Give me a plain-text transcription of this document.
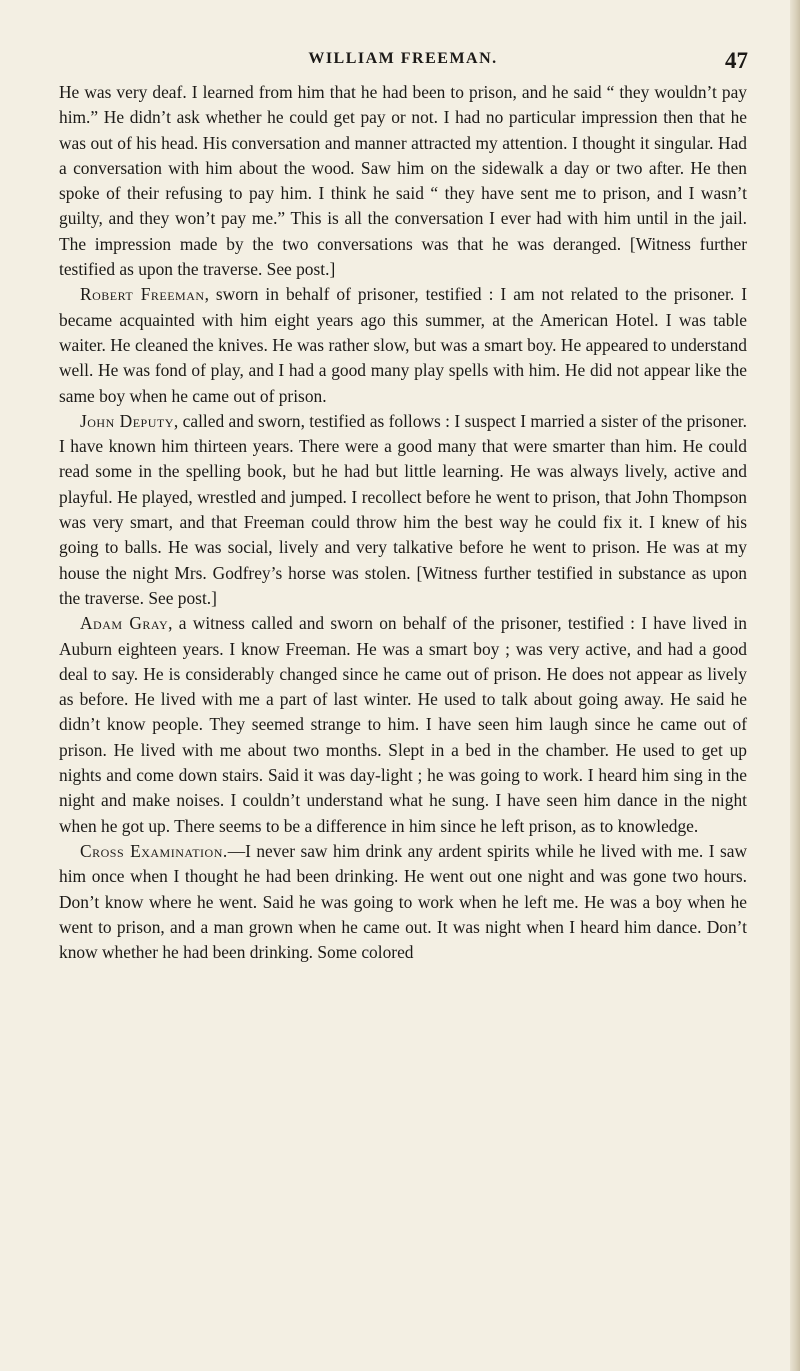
WILLIAM FREEMAN.	47

He was very deaf. I learned from him that he had been to prison, and he said “ they wouldn’t pay him.” He didn’t ask whether he could get pay or not. I had no particular impression then that he was out of his head. His conversation and manner attracted my attention. I thought it singular. Had a conversation with him about the wood. Saw him on the sidewalk a day or two after. He then spoke of their refusing to pay him. I think he said “ they have sent me to prison, and I wasn’t guilty, and they won’t pay me.” This is all the conversation I ever had with him until in the jail. The impression made by the two conversations was that he was deranged. [Witness further testified as upon the traverse. See post.]

Robert Freeman, sworn in behalf of prisoner, testified : I am not related to the prisoner. I became acquainted with him eight years ago this summer, at the American Hotel. I was table waiter. He cleaned the knives. He was rather slow, but was a smart boy. He appeared to understand well. He was fond of play, and I had a good many play spells with him. He did not appear like the same boy when he came out of prison.

John Deputy, called and sworn, testified as follows : I suspect I married a sister of the prisoner. I have known him thirteen years. There were a good many that were smarter than him. He could read some in the spelling book, but he had but little learning. He was always lively, active and playful. He played, wrestled and jumped. I recollect before he went to prison, that John Thompson was very smart, and that Freeman could throw him the best way he could fix it. I knew of his going to balls. He was social, lively and very talkative before he went to prison. He was at my house the night Mrs. Godfrey’s horse was stolen. [Witness further testified in substance as upon the traverse. See post.]

Adam Gray, a witness called and sworn on behalf of the prisoner, testified : I have lived in Auburn eighteen years. I know Freeman. He was a smart boy ; was very active, and had a good deal to say. He is considerably changed since he came out of prison. He does not appear as lively as before. He lived with me a part of last winter. He used to talk about going away. He said he didn’t know people. They seemed strange to him. I have seen him laugh since he came out of prison. He lived with me about two months. Slept in a bed in the chamber. He used to get up nights and come down stairs. Said it was day-light ; he was going to work. I heard him sing in the night and make noises. I couldn’t understand what he sung. I have seen him dance in the night when he got up. There seems to be a difference in him since he left prison, as to knowledge.

Cross Examination.—I never saw him drink any ardent spirits while he lived with me. I saw him once when I thought he had been drinking. He went out one night and was gone two hours. Don’t know where he went. Said he was going to work when he left me. He was a boy when he went to prison, and a man grown when he came out. It was night when I heard him dance. Don’t know whether he had been drinking. Some colored
